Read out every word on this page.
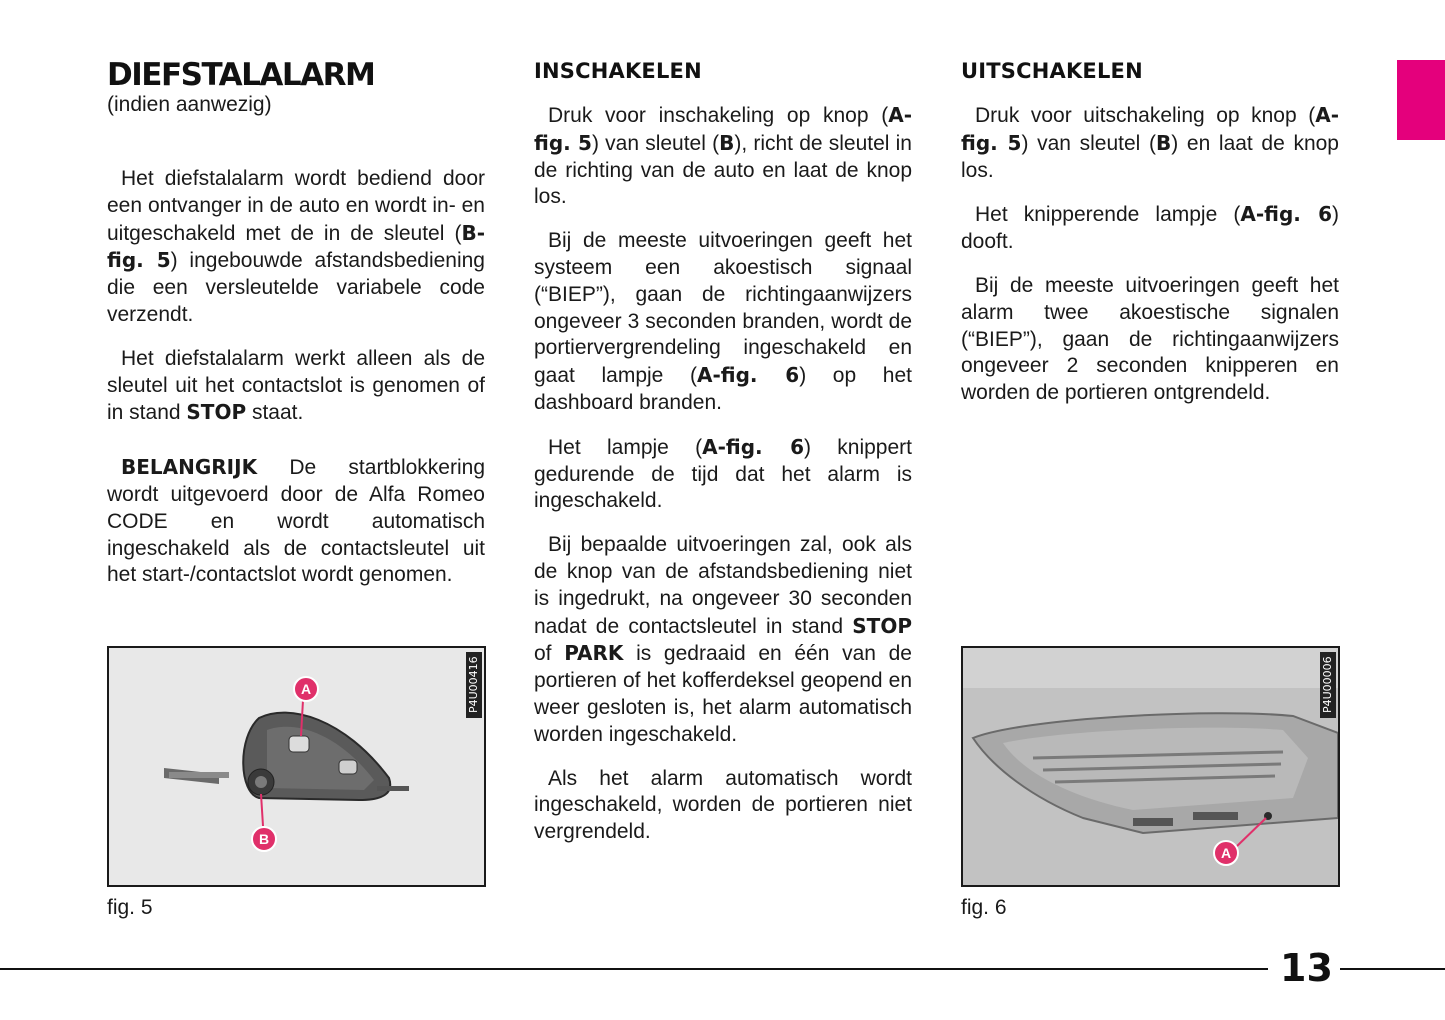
DIEFSTALALARM
(indien aanwezig)

Het diefstalalarm wordt bediend door een ontvanger in de auto en wordt in- en uitgeschakeld met de in de sleutel (B-fig. 5) ingebouwde afstandsbediening die een versleutelde variabele code verzendt.

Het diefstalalarm werkt alleen als de sleutel uit het contactslot is genomen of in stand STOP staat.

BELANGRIJK De startblokkering wordt uitgevoerd door de Alfa Romeo CODE en wordt automatisch ingeschakeld als de contactsleutel uit het start-/contactslot wordt genomen.

INSCHAKELEN

Druk voor inschakeling op knop (A-fig. 5) van sleutel (B), richt de sleutel in de richting van de auto en laat de knop los.

Bij de meeste uitvoeringen geeft het systeem een akoestisch signaal (“BIEP”), gaan de richtingaanwijzers ongeveer 3 seconden branden, wordt de portiervergrendeling ingeschakeld en gaat lampje (A-fig. 6) op het dashboard branden.

Het lampje (A-fig. 6) knippert gedurende de tijd dat het alarm is ingeschakeld.

Bij bepaalde uitvoeringen zal, ook als de knop van de afstandsbediening niet is ingedrukt, na ongeveer 30 seconden nadat de contactsleutel in stand STOP of PARK is gedraaid en één van de portieren of het kofferdeksel geopend en weer gesloten is, het alarm automatisch worden ingeschakeld.

Als het alarm automatisch wordt ingeschakeld, worden de portieren niet vergrendeld.

UITSCHAKELEN

Druk voor uitschakeling op knop (A-fig. 5) van sleutel (B) en laat de knop los.

Het knipperende lampje (A-fig. 6) dooft.

Bij de meeste uitvoeringen geeft het alarm twee akoestische signalen (“BIEP”), gaan de richtingaanwijzers ongeveer 2 seconden knipperen en worden de portieren ontgrendeld.

A
B
P4U00416
fig. 5
A
P4U00006
fig. 6
13
